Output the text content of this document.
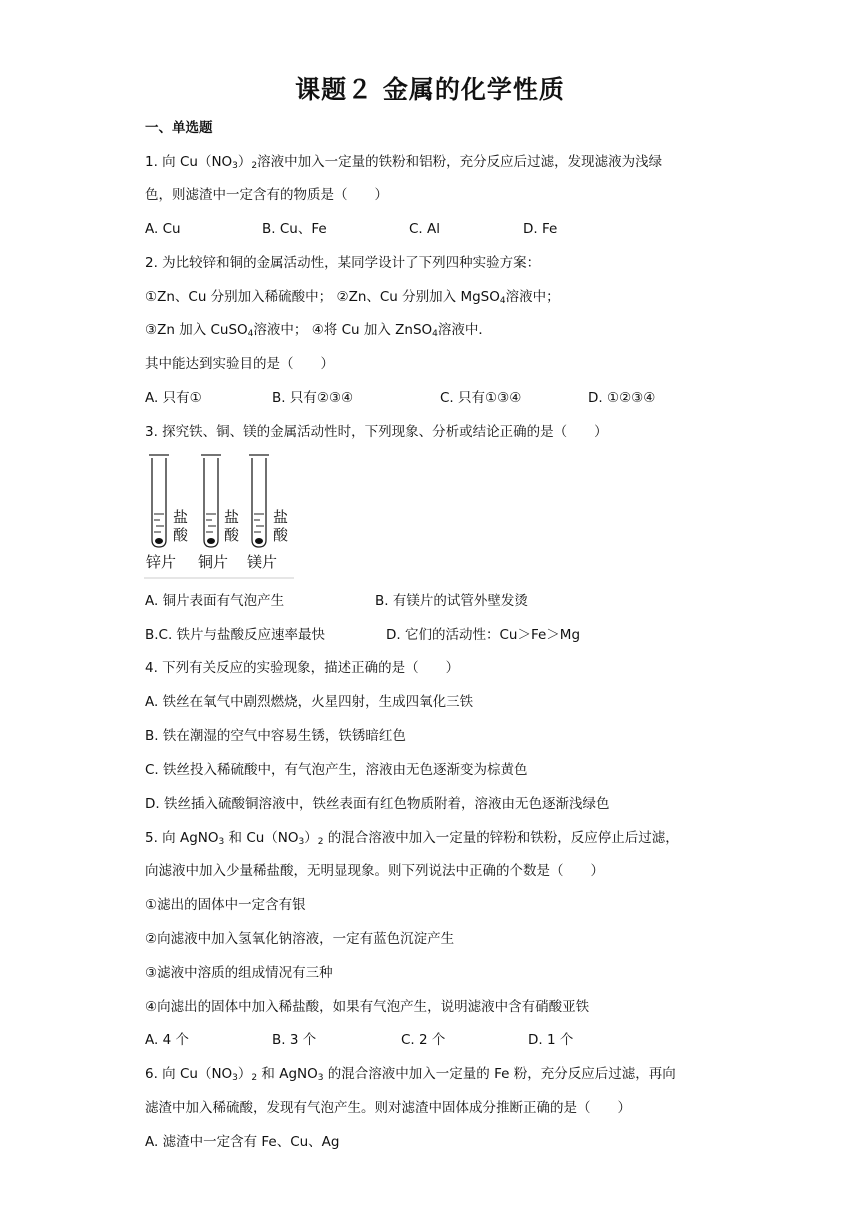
课题２ 金属的化学性质
一、单选题
1. 向 $Cu(NO_3)_2$溶液中加入一定量的铁粉和铝粉，充分反应后过滤，发现滤液为浅绿
色，则滤渣中一定含有的物质是（　　）
A. Cu	B. Cu、Fe	C. Al	D. Fe
2. 为比较锌和铜的金属活动性，某同学设计了下列四种实验方案：
①Zn、Cu 分别加入稀硫酸中； ②Zn、Cu 分别加入 MgSO$_4$溶液中；
③Zn 加入 CuSO$_4$溶液中； ④将 Cu 加入 ZnSO$_4$溶液中．
其中能达到实验目的是（　　）
A. 只有①	B. 只有②③④	C. 只有①③④	D. ①②③④
3. 探究铁、铜、镁的金属活动性时，下列现象、分析或结论正确的是（　　）
盐
酸
盐
酸
盐
酸
锌片 铜片 镁片
A. 铜片表面有气泡产生	B. 有镁片的试管外壁发烫
B.C. 铁片与盐酸反应速率最快	D. 它们的活动性：Cu＞Fe＞Mg
4. 下列有关反应的实验现象，描述正确的是（　　）
A. 铁丝在氧气中剧烈燃烧，火星四射，生成四氧化三铁
B. 铁在潮湿的空气中容易生锈，铁锈暗红色
C. 铁丝投入稀硫酸中，有气泡产生，溶液由无色逐渐变为棕黄色
D. 铁丝插入硫酸铜溶液中，铁丝表面有红色物质附着，溶液由无色逐渐浅绿色
5. 向 AgNO$_3$ 和 $Cu(NO_3)_2$ 的混合溶液中加入一定量的锌粉和铁粉，反应停止后过滤，
向滤液中加入少量稀盐酸，无明显现象。则下列说法中正确的个数是（　　）
①滤出的固体中一定含有银
②向滤液中加入氢氧化钠溶液，一定有蓝色沉淀产生
③滤液中溶质的组成情况有三种
④向滤出的固体中加入稀盐酸，如果有气泡产生，说明滤液中含有硝酸亚铁
A. 4 个	B. 3 个	C. 2 个	D. 1 个
6. 向 $Cu(NO_3)_2$ 和 AgNO$_3$ 的混合溶液中加入一定量的 Fe 粉，充分反应后过滤，再向
滤渣中加入稀硫酸，发现有气泡产生。则对滤渣中固体成分推断正确的是（　　）
A. 滤渣中一定含有 Fe、Cu、Ag
